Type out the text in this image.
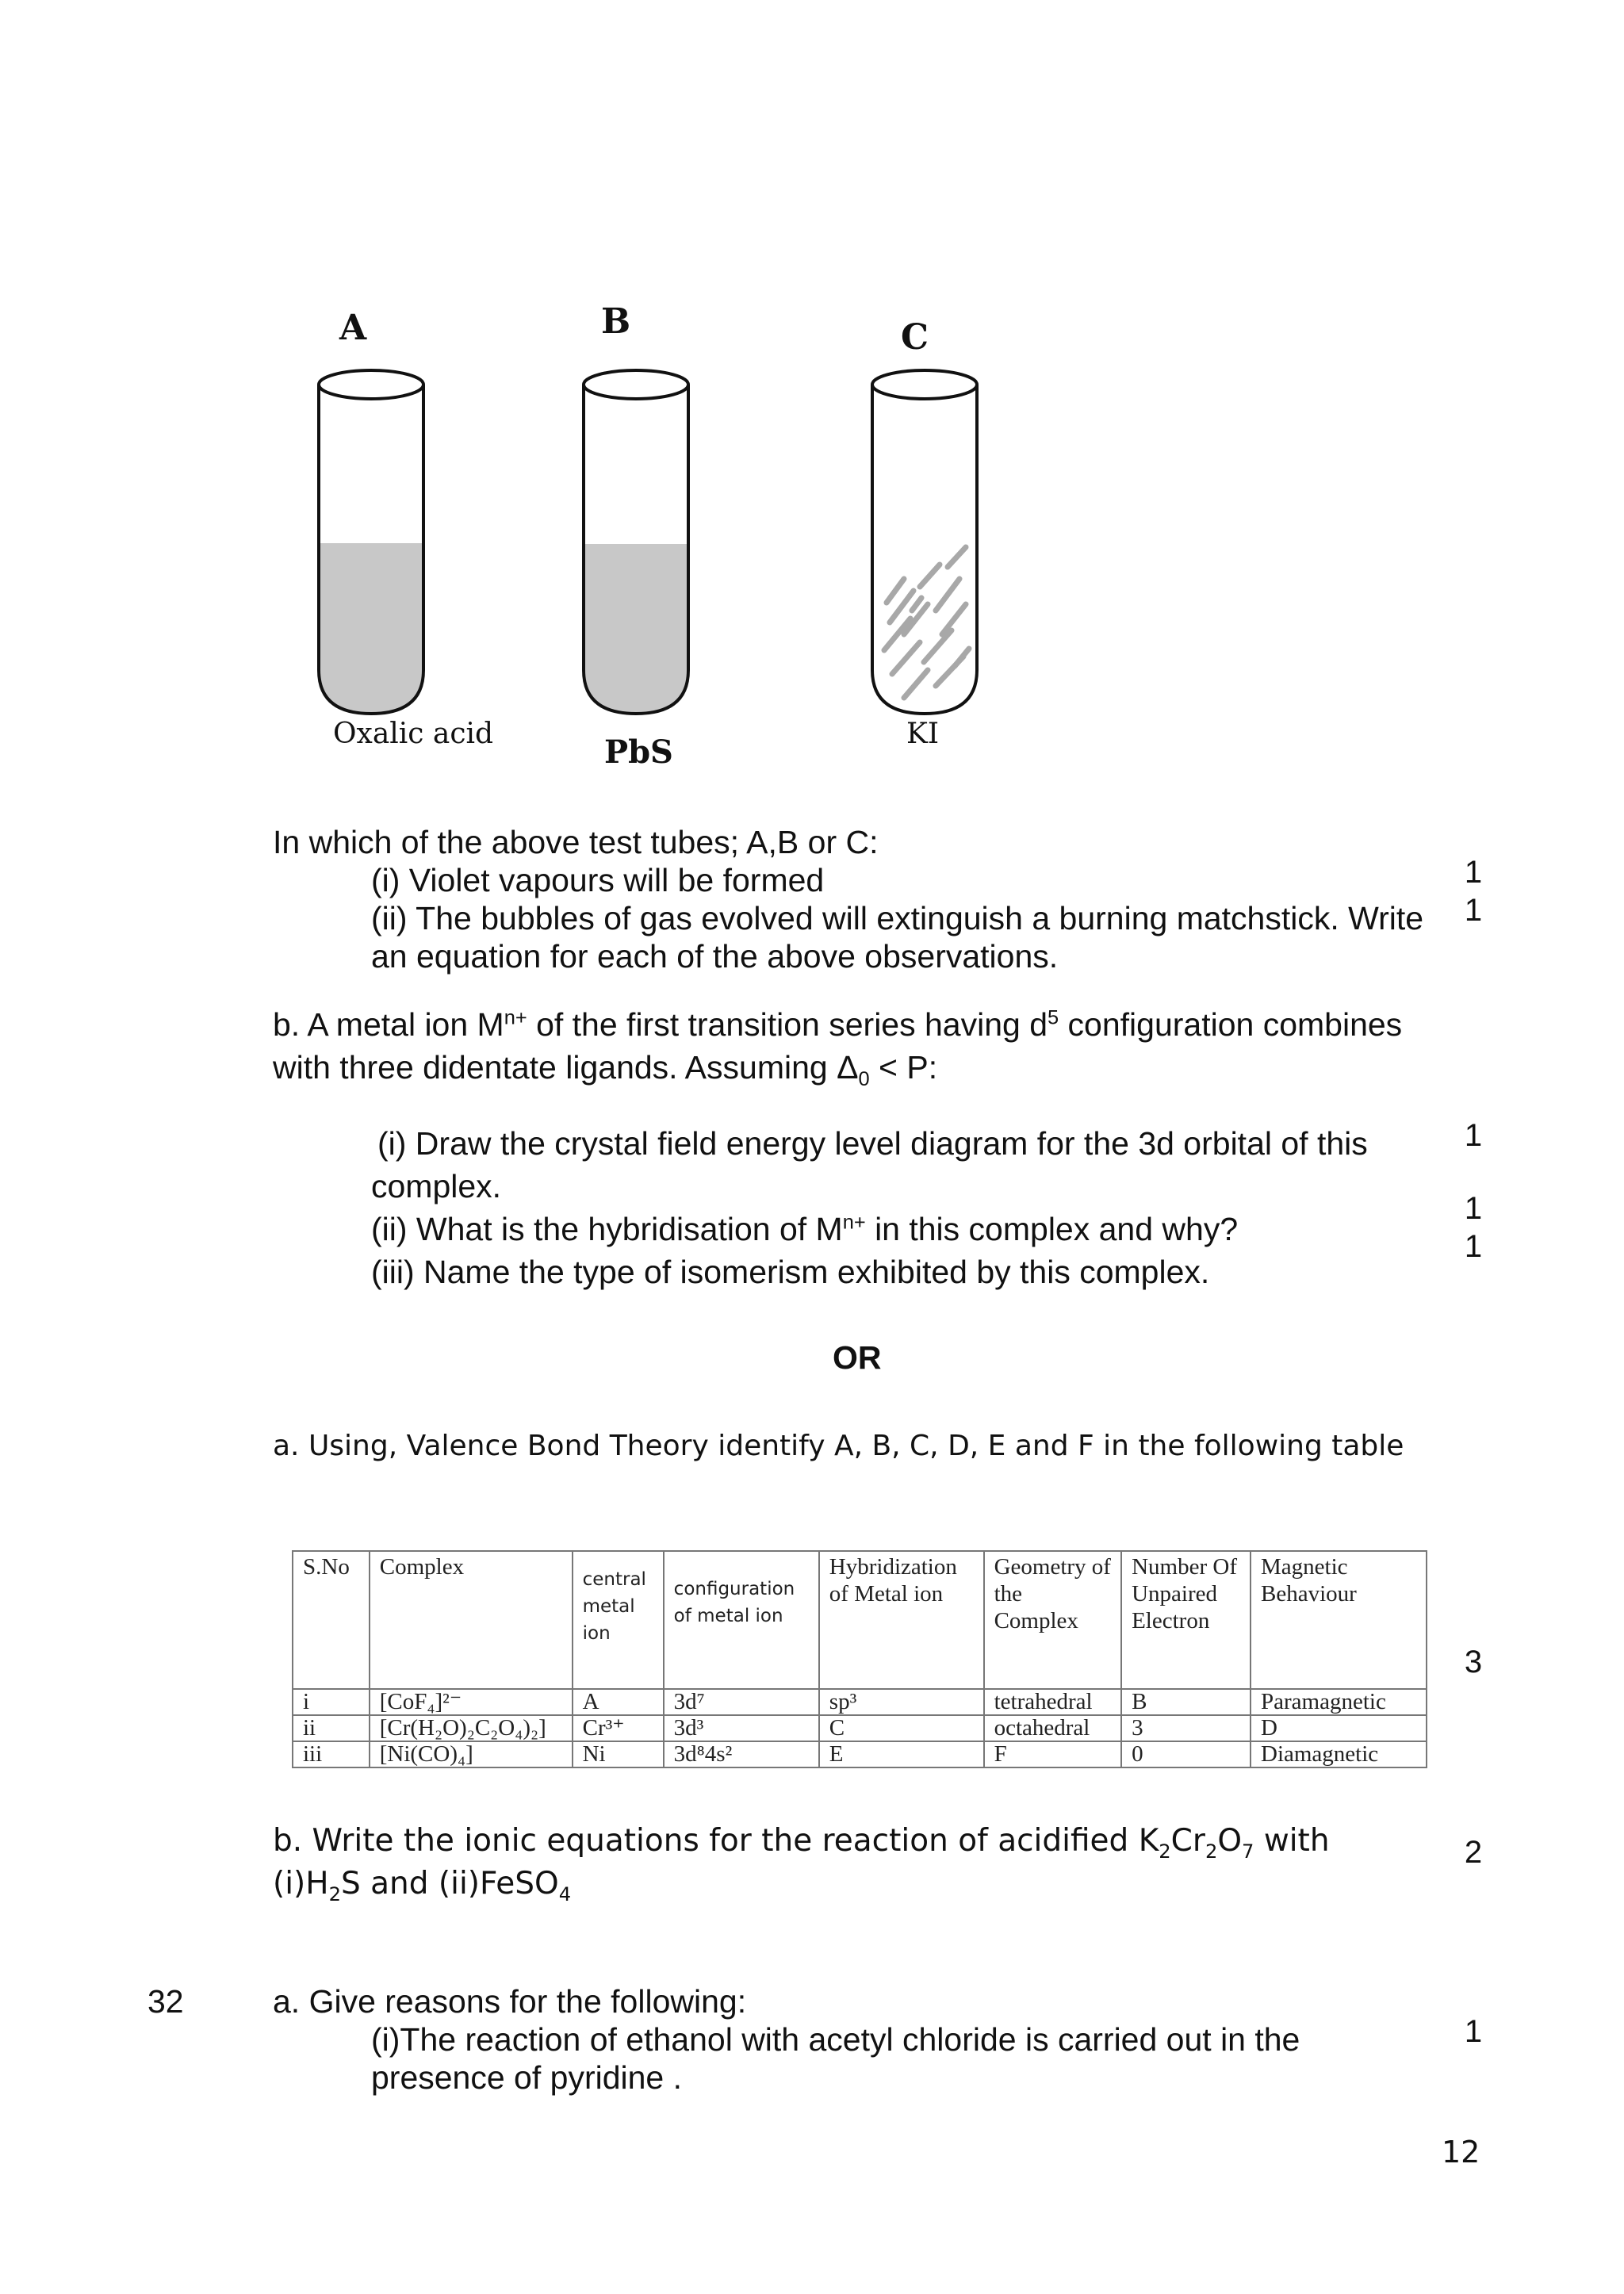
A	B	C
Oxalic acid	PbS	KI
In which of the above test tubes; A,B or C:
(i) Violet vapours will be formed	1
(ii) The bubbles of gas evolved will extinguish a burning matchstick. Write 1
an equation for each of the above observations.
b. A metal ion $M^{n+}$ of the first transition series having $d^5$ configuration combines
with three didentate ligands. Assuming $\Delta_0 < P$:
(i) Draw the crystal field energy level diagram for the 3d orbital of this	1
complex.
(ii) What is the hybridisation of $M^{n+}$ in this complex and why?
1
(iii) Name the type of isomerism exhibited by this complex.
1
OR
a. Using, Valence Bond Theory identify A, B, C, D, E and F in the following table
S.No	Complex	central metal ion	configuration of metal ion	Hybridization of Metal ion	Geometry of the Complex	Number Of Unpaired Electron	Magnetic Behaviour
i	[CoF₄]²⁻	A	3d⁷	sp³	tetrahedral	B	Paramagnetic
ii	[Cr(H₂O)₂C₂O₄)₂]	Cr³⁺	3d³	C	octahedral	3	D
iii	[Ni(CO)₄]	Ni	3d⁸4s²	E	F	0	Diamagnetic
3
b. Write the ionic equations for the reaction of acidified $K_2Cr_2O_7$ with
$(i)H_2S$ and (ii)FeSO$_4$
2
32	a. Give reasons for the following:
(i)The reaction of ethanol with acetyl chloride is carried out in the	1
presence of pyridine .
12
